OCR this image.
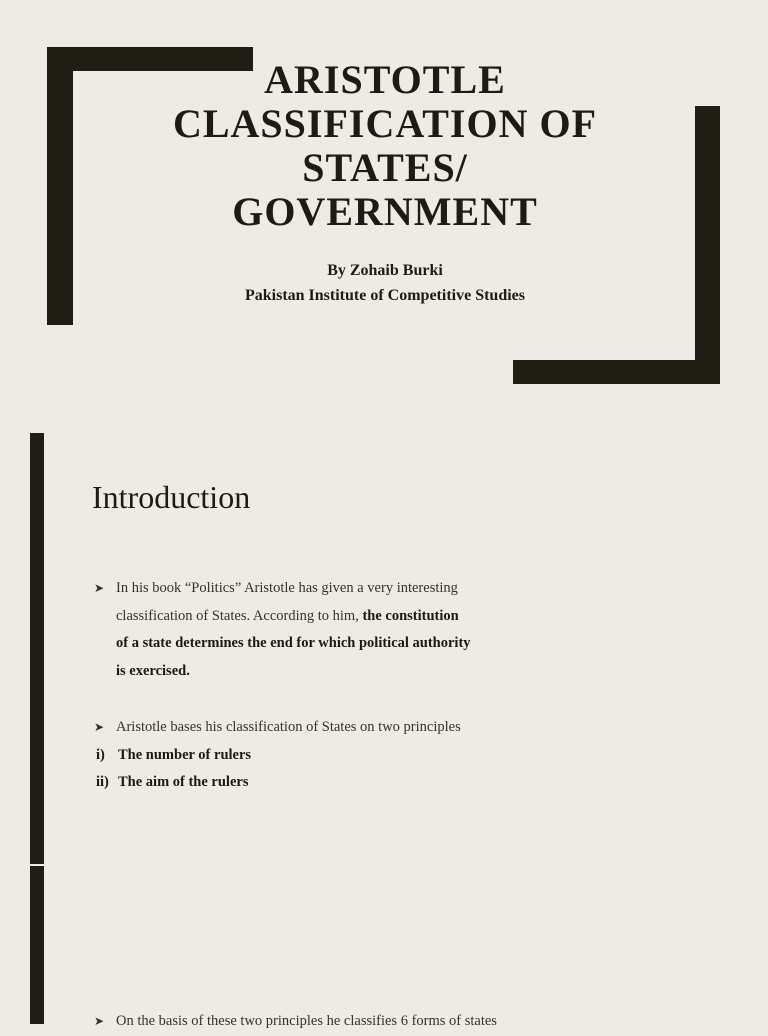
ARISTOTLE
CLASSIFICATION OF
STATES/
GOVERNMENT
By Zohaib Burki
Pakistan Institute of Competitive Studies
Introduction
➤ In his book “Politics” Aristotle has given a very interesting
classification of States. According to him, the constitution
of a state determines the end for which political authority
is exercised.
➤ Aristotle bases his classification of States on two principles
i) The number of rulers
ii) The aim of the rulers
➤ On the basis of these two principles he classifies 6 forms of states
